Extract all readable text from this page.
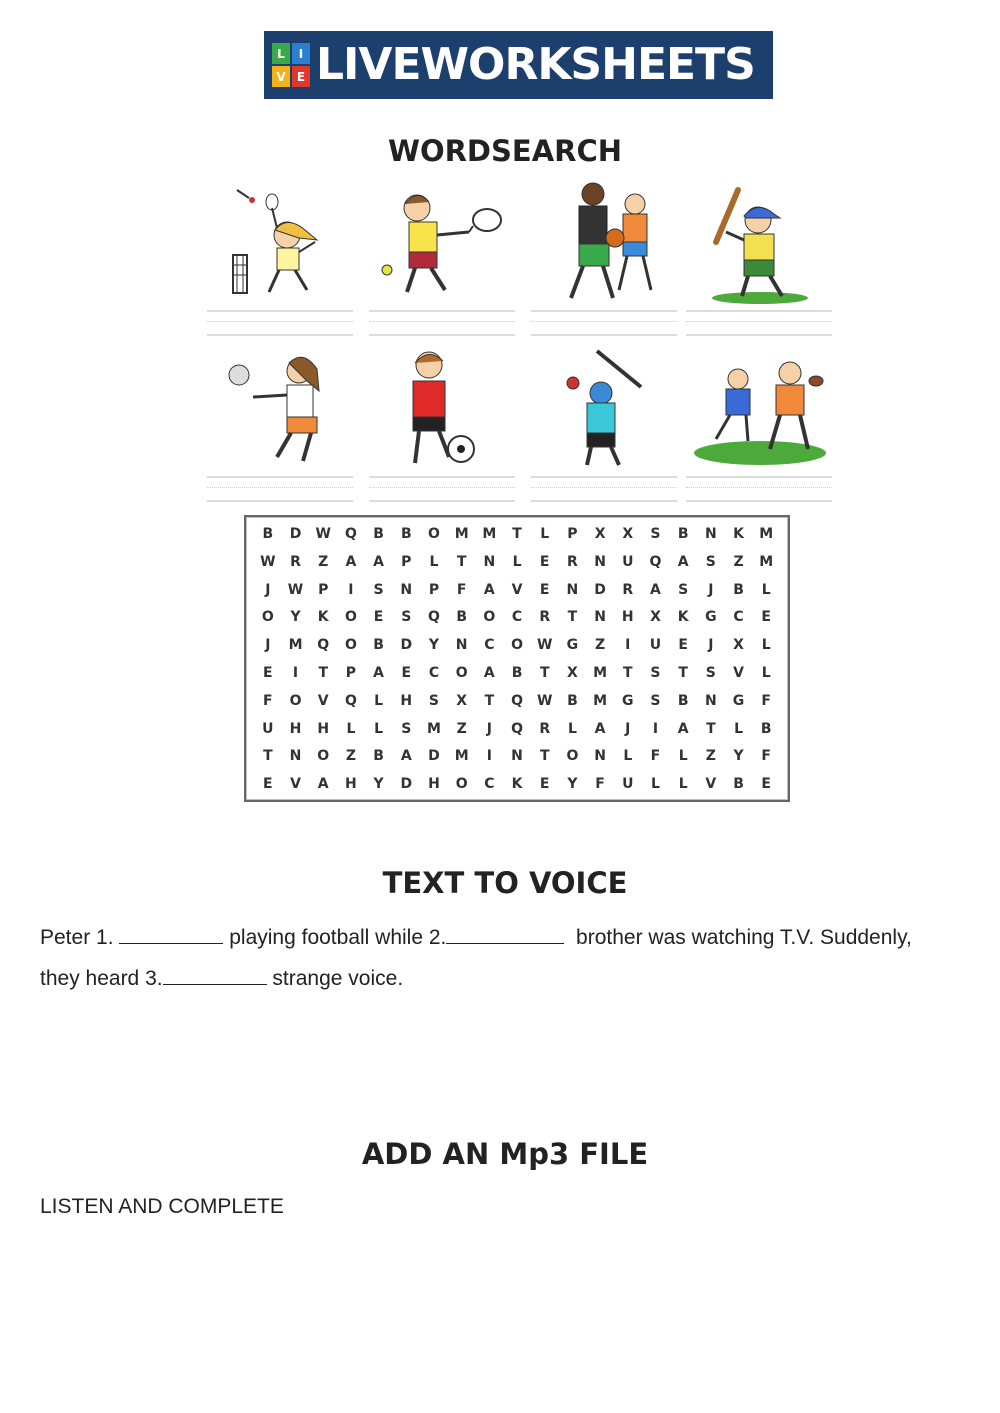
L	I
V E LIVEWORKSHEETS
WORDSEARCH
B	D	W	Q	B	B	O	M M	T	L	P	X	X	S	B	N	K	M
W	R	Z	A	A	P	L	T	N	L	E	R	N	U	Q	A	S	Z	M
J	W	P	I	S	N	P	F	A	V	E	N	D	R	A	S	J	B	L
O	Y	K	O	E	S	Q	B	O	C	R	T	N	H	X	K	G	C	E
J	M	Q	O	B	D	Y	N	C	O	W	G	Z	I	U	E	J	X	L
E	I	T	P	A	E	C	O	A	B	T	X	M	T	S	T	S	V	L
F	O	V	Q	L	H	S	X	T	Q	W	B	M	G	S	B	N	G	F
U	H	H	L	L	S	M	Z	J	Q	R	L	A	J	I	A	T	L	B
T	N	O	Z	B	A	D	M	I	N	T	O	N	L	F	L	Z	Y	F
E	V	A	H	Y	D	H	O	C	K	E	Y	F	U	L	L	V	B	E
TEXT TO VOICE
Peter 1.	playing football while 2.	brother was watching T.V. Suddenly,
they heard 3.	strange voice.
ADD AN Mp3 FILE
LISTEN AND COMPLETE
